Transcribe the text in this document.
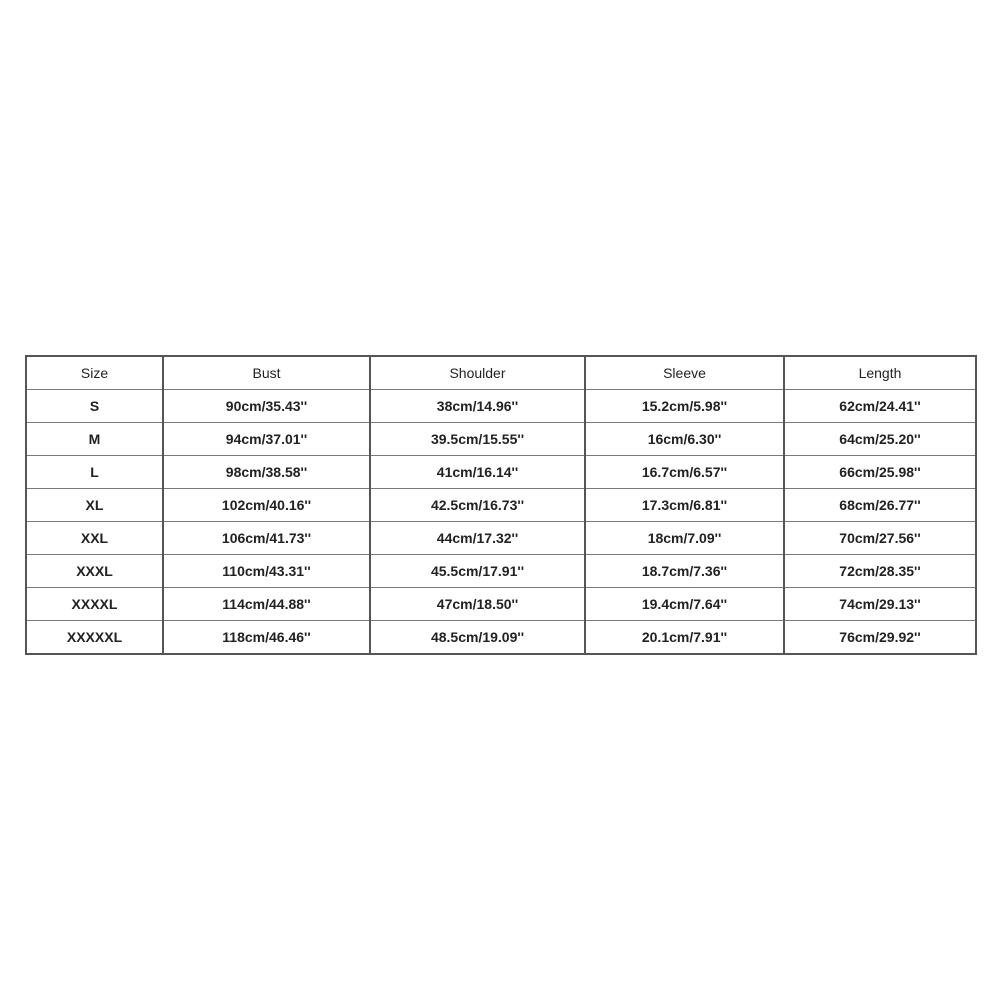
Size	Bust	Shoulder	Sleeve	Length
S	90cm/35.43''	38cm/14.96''	15.2cm/5.98''	62cm/24.41''
M	94cm/37.01''	39.5cm/15.55''	16cm/6.30''	64cm/25.20''
L	98cm/38.58''	41cm/16.14''	16.7cm/6.57''	66cm/25.98''
XL	102cm/40.16''	42.5cm/16.73''	17.3cm/6.81''	68cm/26.77''
XXL	106cm/41.73''	44cm/17.32''	18cm/7.09''	70cm/27.56''
XXXL	110cm/43.31''	45.5cm/17.91''	18.7cm/7.36''	72cm/28.35''
XXXXL	114cm/44.88''	47cm/18.50''	19.4cm/7.64''	74cm/29.13''
XXXXXL	118cm/46.46''	48.5cm/19.09''	20.1cm/7.91''	76cm/29.92''
